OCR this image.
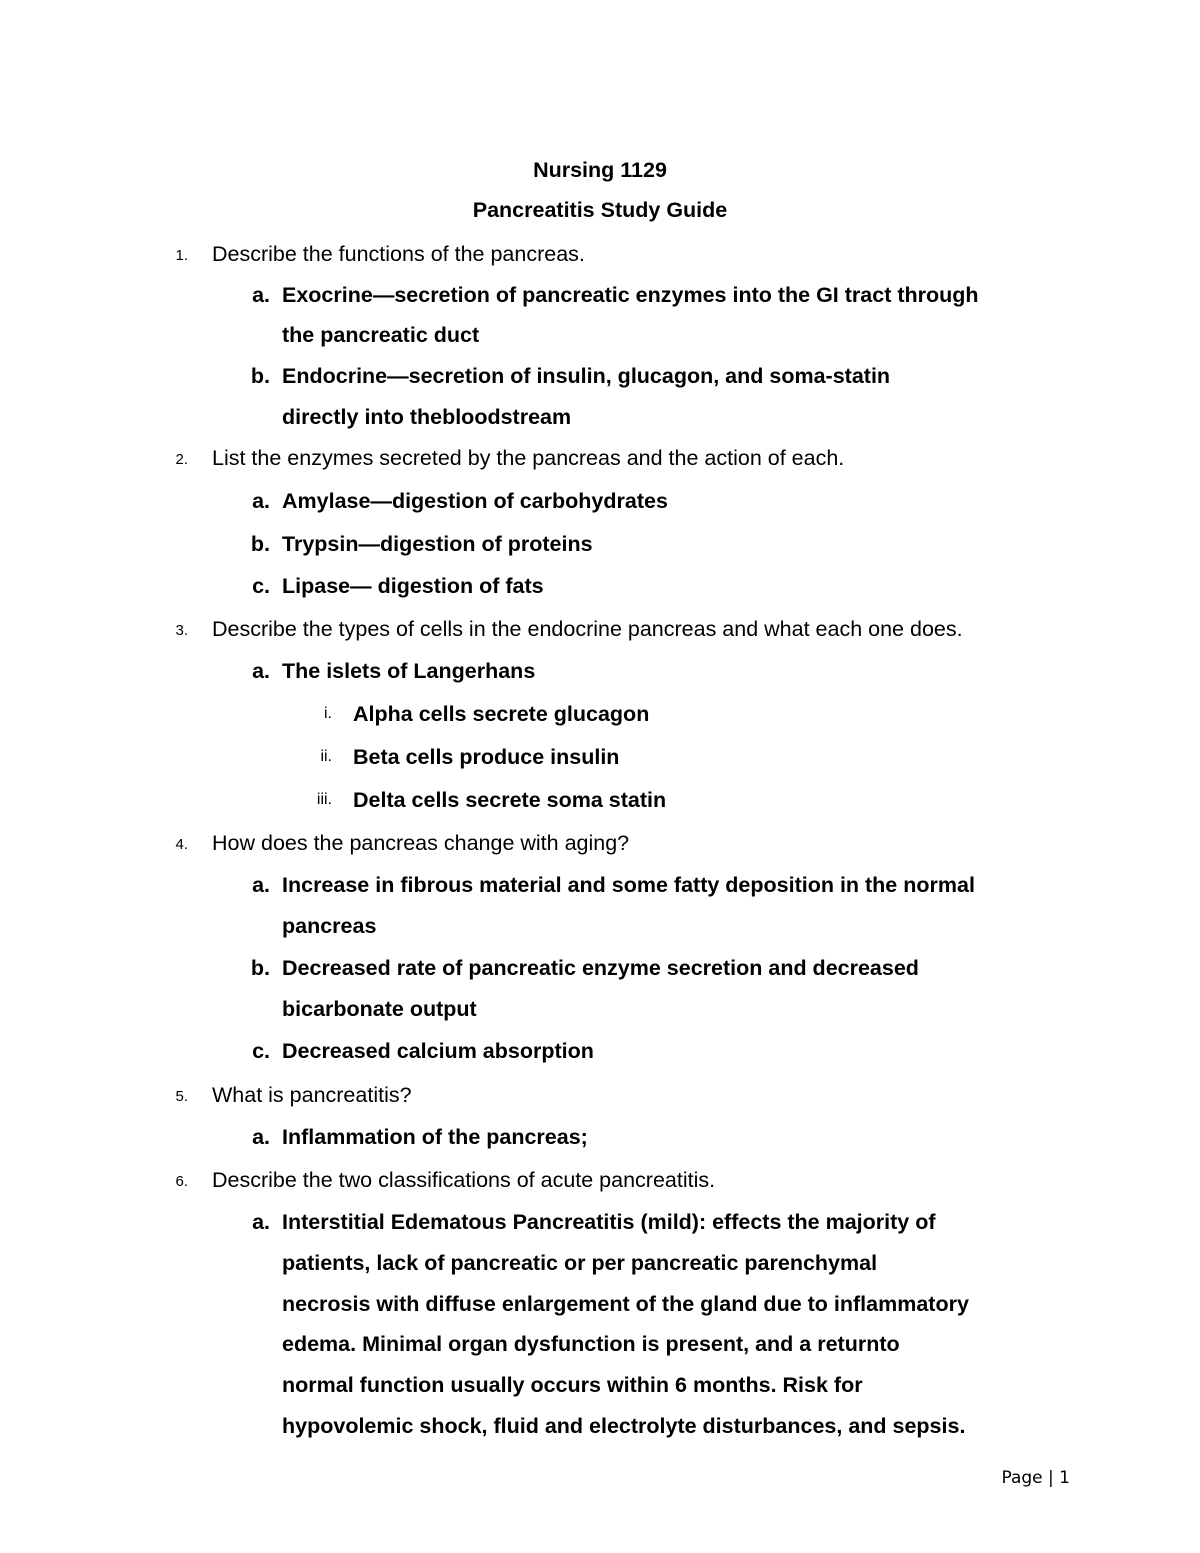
Nursing 1129
Pancreatitis Study Guide
1. Describe the functions of the pancreas.
a. Exocrine—secretion of pancreatic enzymes into the GI tract through
the pancreatic duct
b. Endocrine—secretion of insulin, glucagon, and soma-statin
directly into thebloodstream
2. List the enzymes secreted by the pancreas and the action of each.
a. Amylase—digestion of carbohydrates
b. Trypsin—digestion of proteins
c. Lipase— digestion of fats
3. Describe the types of cells in the endocrine pancreas and what each one does.
a. The islets of Langerhans
i. Alpha cells secrete glucagon
ii. Beta cells produce insulin
iii. Delta cells secrete soma statin
4. How does the pancreas change with aging?
a. Increase in fibrous material and some fatty deposition in the normal
pancreas
b. Decreased rate of pancreatic enzyme secretion and decreased
bicarbonate output
c. Decreased calcium absorption
5. What is pancreatitis?
a. Inflammation of the pancreas;
6. Describe the two classifications of acute pancreatitis.
a. Interstitial Edematous Pancreatitis (mild): effects the majority of
patients, lack of pancreatic or per pancreatic parenchymal
necrosis with diffuse enlargement of the gland due to inflammatory
edema. Minimal organ dysfunction is present, and a returnto
normal function usually occurs within 6 months. Risk for
hypovolemic shock, fluid and electrolyte disturbances, and sepsis.
Page | 1
